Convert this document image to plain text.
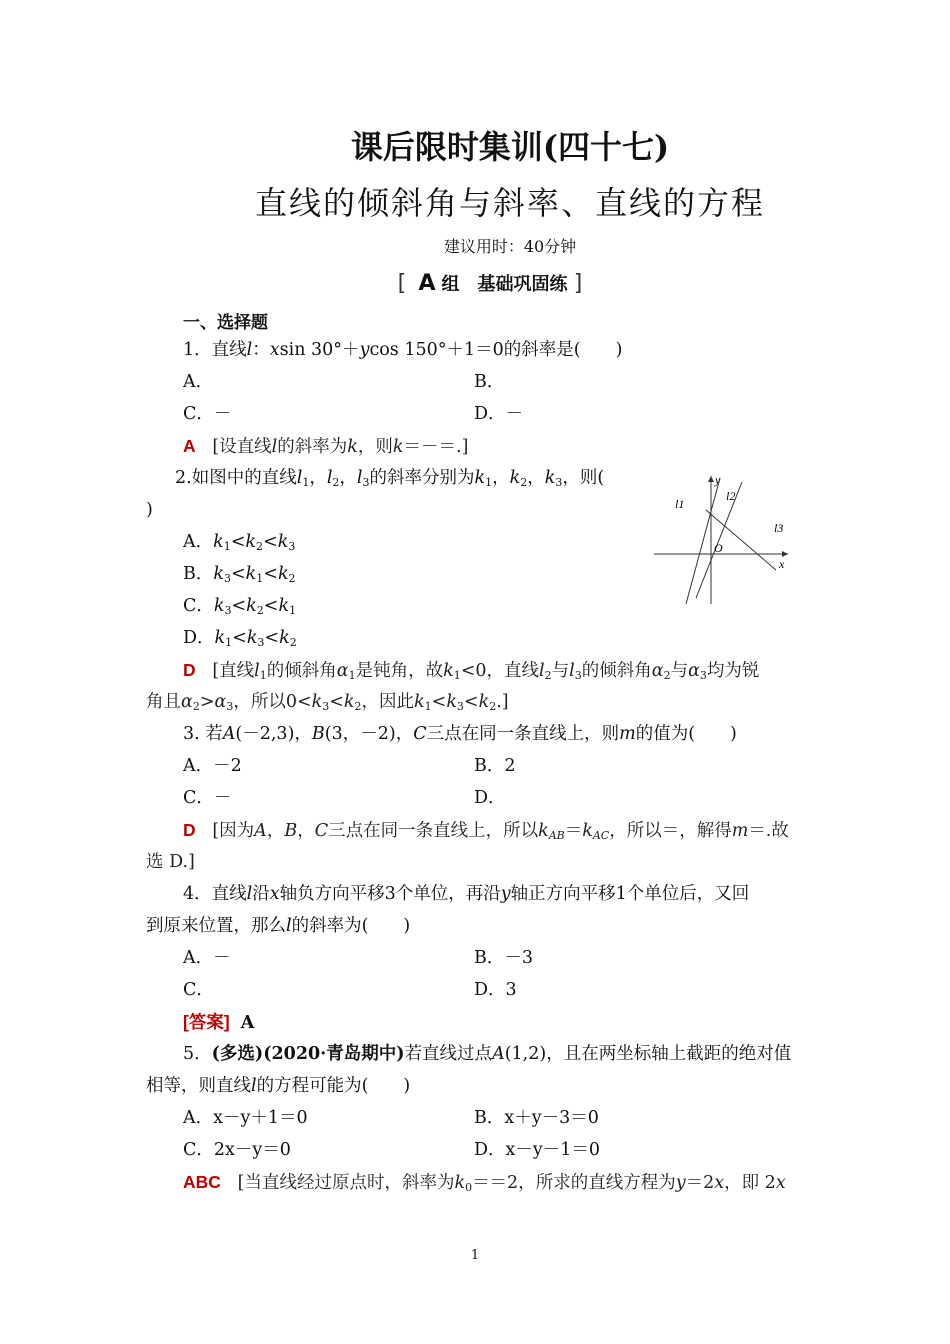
课后限时集训(四十七)
直线的倾斜角与斜率、直线的方程
建议用时：40分钟
[ A 组　基础巩固练 ]
一、选择题
1．直线l：xsin 30°＋ycos 150°＋1＝0的斜率是(　　)
A．	B．
C．－	D．－
A [设直线l的斜率为k，则k＝－＝.]
2.如图中的直线$l_1$，$l_2$，$l_3$的斜率分别为$k_1$，$k_2$，$k_3$，则(
)
A．$k_1<k_2<k_3$
B．$k_3<k_1<k_2$
C．$k_3<k_2<k_1$
D．$k_1<k_3<k_2$
l1
l2
l3
y
x
O
D [直线$l_1$的倾斜角$\alpha_1$是钝角，故$k_1<0$，直线$l_2$与$l_3$的倾斜角$\alpha_2$与$\alpha_3$均为锐
角且$\alpha_2>\alpha_3$，所以$0<k_3<k_2$，因此$k_1<k_3<k_2$.]
3. 若A(－2,3)，B(3，－2)，C三点在同一条直线上，则m的值为(　　)
A．－2	B．2
C．－	D．
D [因为A，B，C三点在同一条直线上，所以$k_{AB}=k_{AC}$，所以＝，解得m＝.故
选 D.]
4．直线l沿x轴负方向平移3个单位，再沿y轴正方向平移1个单位后，又回
到原来位置，那么l的斜率为(　　)
A．－	B．－3
C．	D．3
[答案] A
5．(多选)(2020·青岛期中)若直线过点A(1,2)，且在两坐标轴上截距的绝对值
相等，则直线l的方程可能为(　　)
A．x－y＋1＝0	B．x＋y－3＝0
C．2x－y＝0	D．x－y－1＝0
ABC [当直线经过原点时，斜率为$k_0==2$，所求的直线方程为y＝2x，即 2x
1
